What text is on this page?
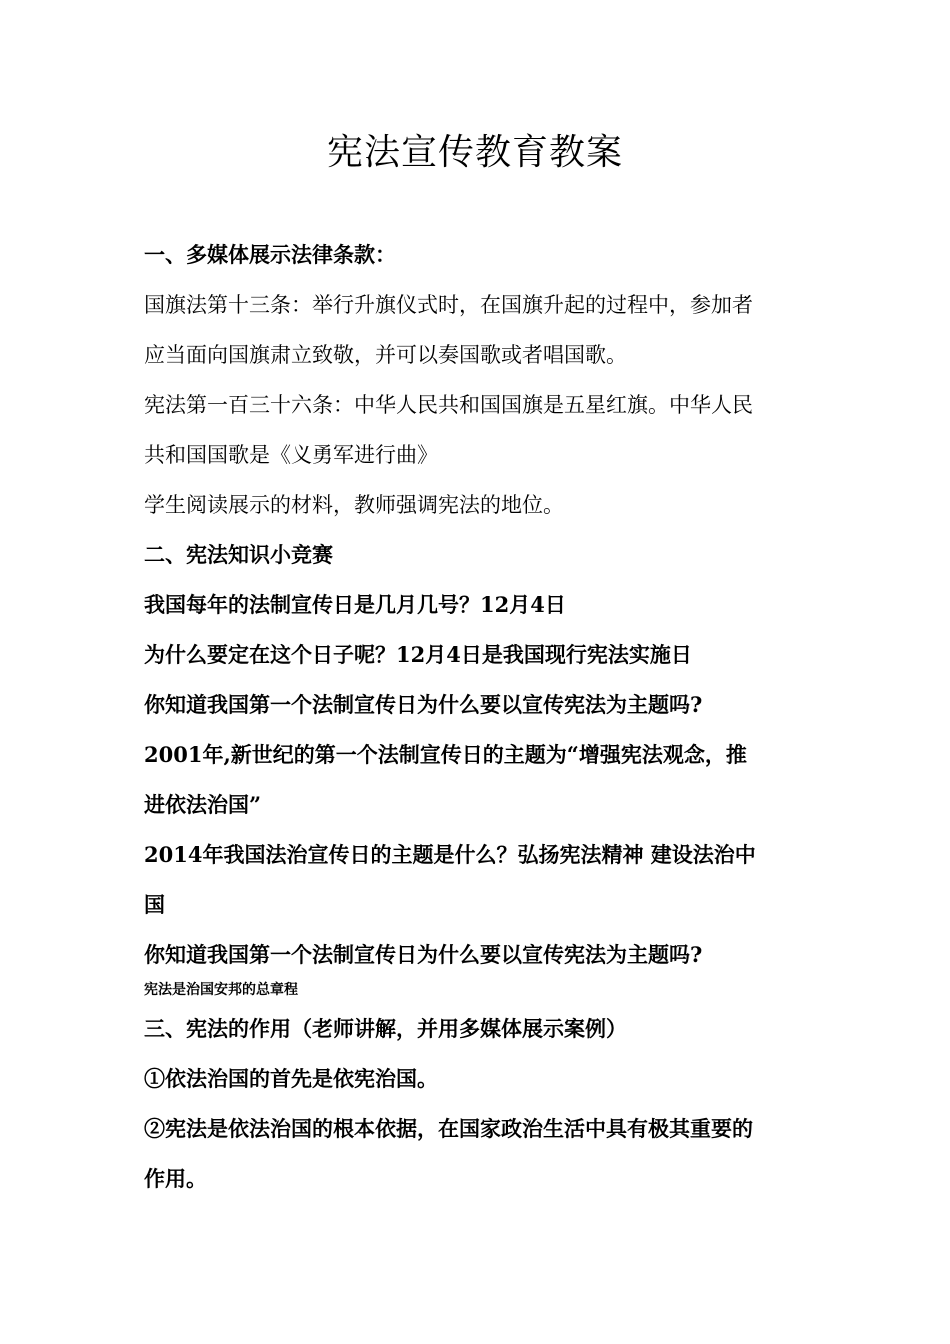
宪法宣传教育教案

一、多媒体展示法律条款：

国旗法第十三条：举行升旗仪式时，在国旗升起的过程中，参加者

应当面向国旗肃立致敬，并可以奏国歌或者唱国歌。

宪法第一百三十六条：中华人民共和国国旗是五星红旗。中华人民

共和国国歌是《义勇军进行曲》

学生阅读展示的材料，教师强调宪法的地位。

二、宪法知识小竞赛

我国每年的法制宣传日是几月几号？12月4日

为什么要定在这个日子呢？12月4日是我国现行宪法实施日

你知道我国第一个法制宣传日为什么要以宣传宪法为主题吗?

2001年,新世纪的第一个法制宣传日的主题为“增强宪法观念，推

进依法治国”

2014年我国法治宣传日的主题是什么？弘扬宪法精神 建设法治中

国

你知道我国第一个法制宣传日为什么要以宣传宪法为主题吗?

宪法是治国安邦的总章程

三、宪法的作用（老师讲解，并用多媒体展示案例）

①依法治国的首先是依宪治国。

②宪法是依法治国的根本依据，在国家政治生活中具有极其重要的

作用。
